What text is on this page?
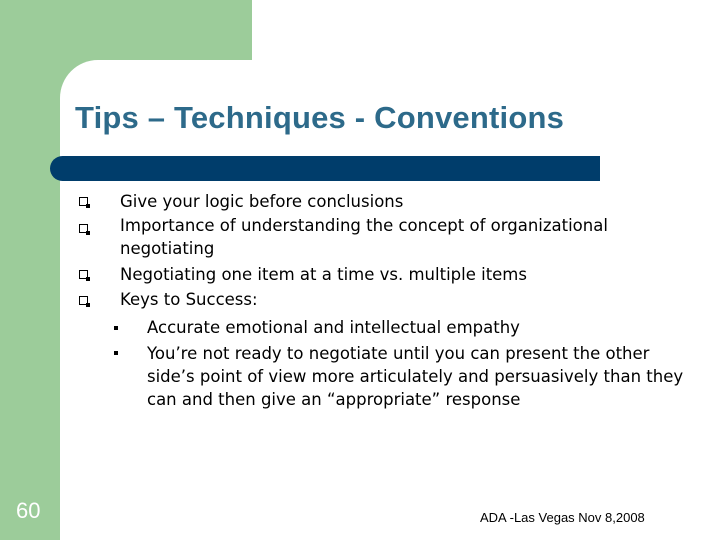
Tips – Techniques - Conventions
Give your logic before conclusions
Importance of understanding the concept of organizational negotiating
Negotiating one item at a time vs. multiple items
Keys to Success:
Accurate emotional and intellectual empathy
You’re not ready to negotiate until you can present the other side’s point of view more articulately and persuasively than they can and then give an “appropriate” response
60	ADA -Las Vegas Nov 8,2008
